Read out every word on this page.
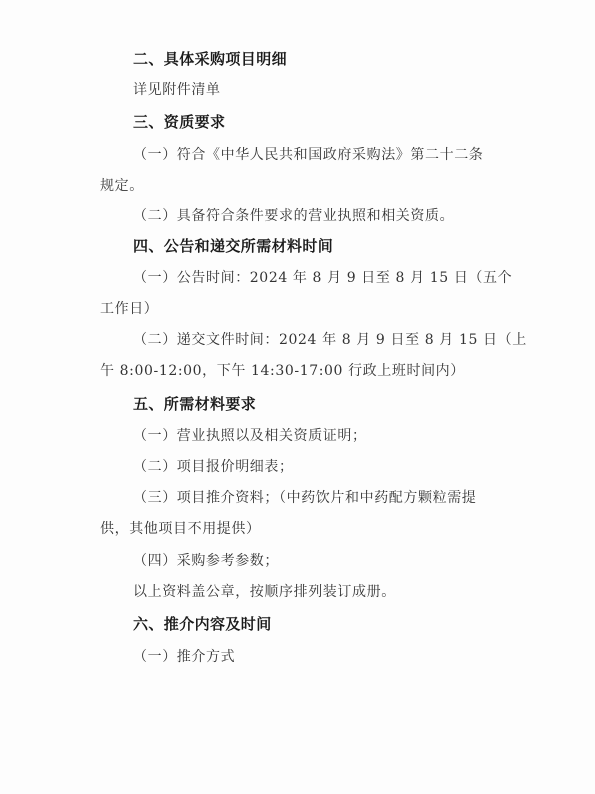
二、具体采购项目明细
详见附件清单
三、资质要求
（一）符合《中华人民共和国政府采购法》第二十二条
规定。
（二）具备符合条件要求的营业执照和相关资质。
四、公告和递交所需材料时间
（一）公告时间：2024 年 8 月 9 日至 8 月 15 日（五个
工作日）
（二）递交文件时间：2024 年 8 月 9 日至 8 月 15 日（上
午 8:00-12:00，下午 14:30-17:00 行政上班时间内）
五、所需材料要求
（一）营业执照以及相关资质证明；
（二）项目报价明细表；
（三）项目推介资料；（中药饮片和中药配方颗粒需提
供，其他项目不用提供）
（四）采购参考参数；
以上资料盖公章，按顺序排列装订成册。
六、推介内容及时间
（一）推介方式
